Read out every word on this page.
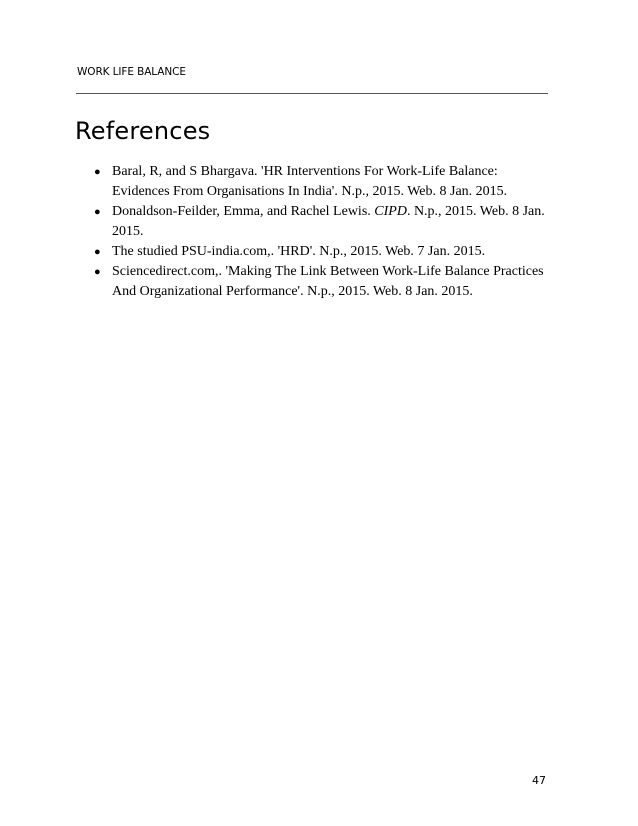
WORK LIFE BALANCE
References
● Baral, R, and S Bhargava. 'HR Interventions For Work-Life Balance: Evidences From Organisations In India'. N.p., 2015. Web. 8 Jan. 2015.
● Donaldson-Feilder, Emma, and Rachel Lewis. CIPD. N.p., 2015. Web. 8 Jan. 2015.
● The studied PSU-india.com,. 'HRD'. N.p., 2015. Web. 7 Jan. 2015.
● Sciencedirect.com,. 'Making The Link Between Work-Life Balance Practices And Organizational Performance'. N.p., 2015. Web. 8 Jan. 2015.
47
